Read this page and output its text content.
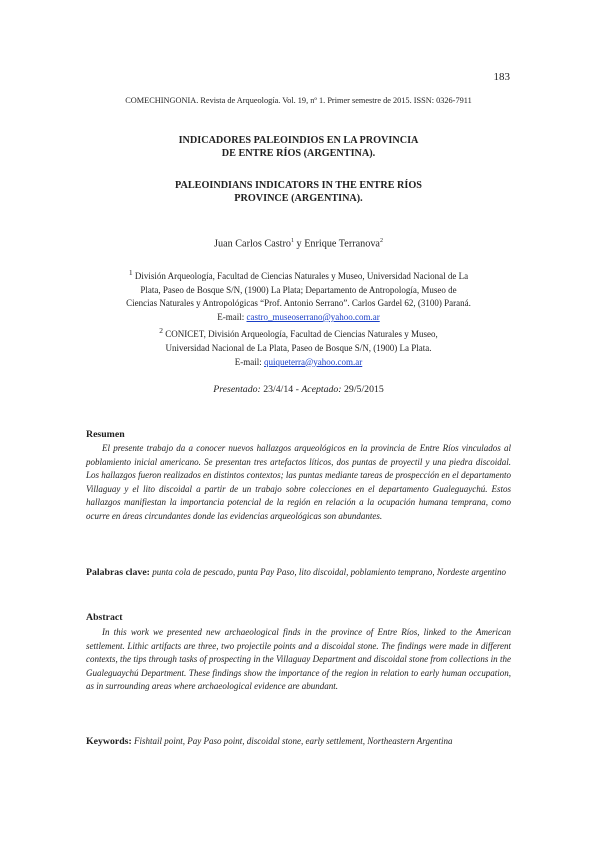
183
COMECHINGONIA. Revista de Arqueología. Vol. 19, nº 1. Primer semestre de 2015. ISSN: 0326-7911
INDICADORES PALEOINDIOS EN LA PROVINCIA
DE ENTRE RÍOS (ARGENTINA).
PALEOINDIANS INDICATORS IN THE ENTRE RÍOS
PROVINCE (ARGENTINA).
Juan Carlos Castro$^1$ y Enrique Terranova$^2$
$^1$ División Arqueología, Facultad de Ciencias Naturales y Museo, Universidad Nacional de La
Plata, Paseo de Bosque S/N, (1900) La Plata; Departamento de Antropología, Museo de
Ciencias Naturales y Antropológicas “Prof. Antonio Serrano”. Carlos Gardel 62, (3100) Paraná.
E-mail: castro_museoserrano@yahoo.com.ar
$^2$ CONICET, División Arqueología, Facultad de Ciencias Naturales y Museo,
Universidad Nacional de La Plata, Paseo de Bosque S/N, (1900) La Plata.
E-mail: quiqueterra@yahoo.com.ar
Presentado: 23/4/14 - Aceptado: 29/5/2015
Resumen
El presente trabajo da a conocer nuevos hallazgos arqueológicos en la provincia de Entre Ríos vinculados al poblamiento inicial americano. Se presentan tres artefactos líticos, dos puntas de proyectil y una piedra discoidal. Los hallazgos fueron realizados en distintos contextos; las puntas mediante tareas de prospección en el departamento Villaguay y el lito discoidal a partir de un trabajo sobre colecciones en el departamento Gualeguaychú. Estos hallazgos manifiestan la importancia potencial de la región en relación a la ocupación humana temprana, como ocurre en áreas circundantes donde las evidencias arqueológicas son abundantes.
Palabras clave: punta cola de pescado, punta Pay Paso, lito discoidal, poblamiento temprano, Nordeste argentino
Abstract
In this work we presented new archaeological finds in the province of Entre Ríos, linked to the American settlement. Lithic artifacts are three, two projectile points and a discoidal stone. The findings were made in different contexts, the tips through tasks of prospecting in the Villaguay Department and discoidal stone from collections in the Gualeguaychú Department. These findings show the importance of the region in relation to early human occupation, as in surrounding areas where archaeological evidence are abundant.
Keywords: Fishtail point, Pay Paso point, discoidal stone, early settlement, Northeastern Argentina
